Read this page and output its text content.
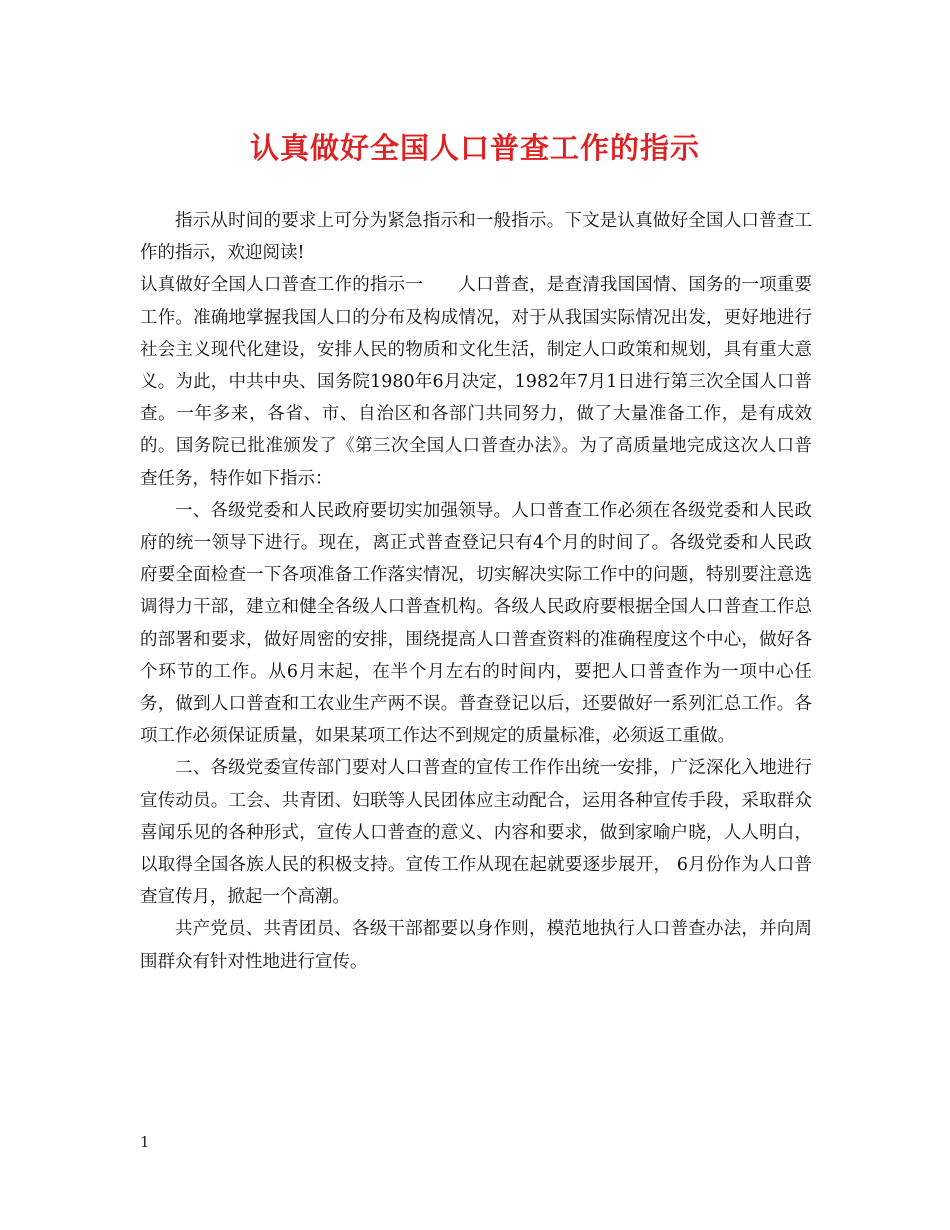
认真做好全国人口普查工作的指示

指示从时间的要求上可分为紧急指示和一般指示。下文是认真做好全国人口普查工作的指示，欢迎阅读!

认真做好全国人口普查工作的指示一　　人口普查，是查清我国国情、国务的一项重要工作。准确地掌握我国人口的分布及构成情况，对于从我国实际情况出发，更好地进行社会主义现代化建设，安排人民的物质和文化生活，制定人口政策和规划，具有重大意义。为此，中共中央、国务院1980年6月决定，1982年7月1日进行第三次全国人口普查。一年多来，各省、市、自治区和各部门共同努力，做了大量准备工作，是有成效的。国务院已批准颁发了《第三次全国人口普查办法》。为了高质量地完成这次人口普查任务，特作如下指示：

一、各级党委和人民政府要切实加强领导。人口普查工作必须在各级党委和人民政府的统一领导下进行。现在，离正式普查登记只有4个月的时间了。各级党委和人民政府要全面检查一下各项准备工作落实情况，切实解决实际工作中的问题，特别要注意选调得力干部，建立和健全各级人口普查机构。各级人民政府要根据全国人口普查工作总的部署和要求，做好周密的安排，围绕提高人口普查资料的准确程度这个中心，做好各个环节的工作。从6月末起，在半个月左右的时间内，要把人口普查作为一项中心任务，做到人口普查和工农业生产两不误。普查登记以后，还要做好一系列汇总工作。各项工作必须保证质量，如果某项工作达不到规定的质量标准，必须返工重做。

二、各级党委宣传部门要对人口普查的宣传工作作出统一安排，广泛深化入地进行宣传动员。工会、共青团、妇联等人民团体应主动配合，运用各种宣传手段，采取群众喜闻乐见的各种形式，宣传人口普查的意义、内容和要求，做到家喻户晓，人人明白，以取得全国各族人民的积极支持。宣传工作从现在起就要逐步展开， 6月份作为人口普查宣传月，掀起一个高潮。

共产党员、共青团员、各级干部都要以身作则，模范地执行人口普查办法，并向周围群众有针对性地进行宣传。

1
